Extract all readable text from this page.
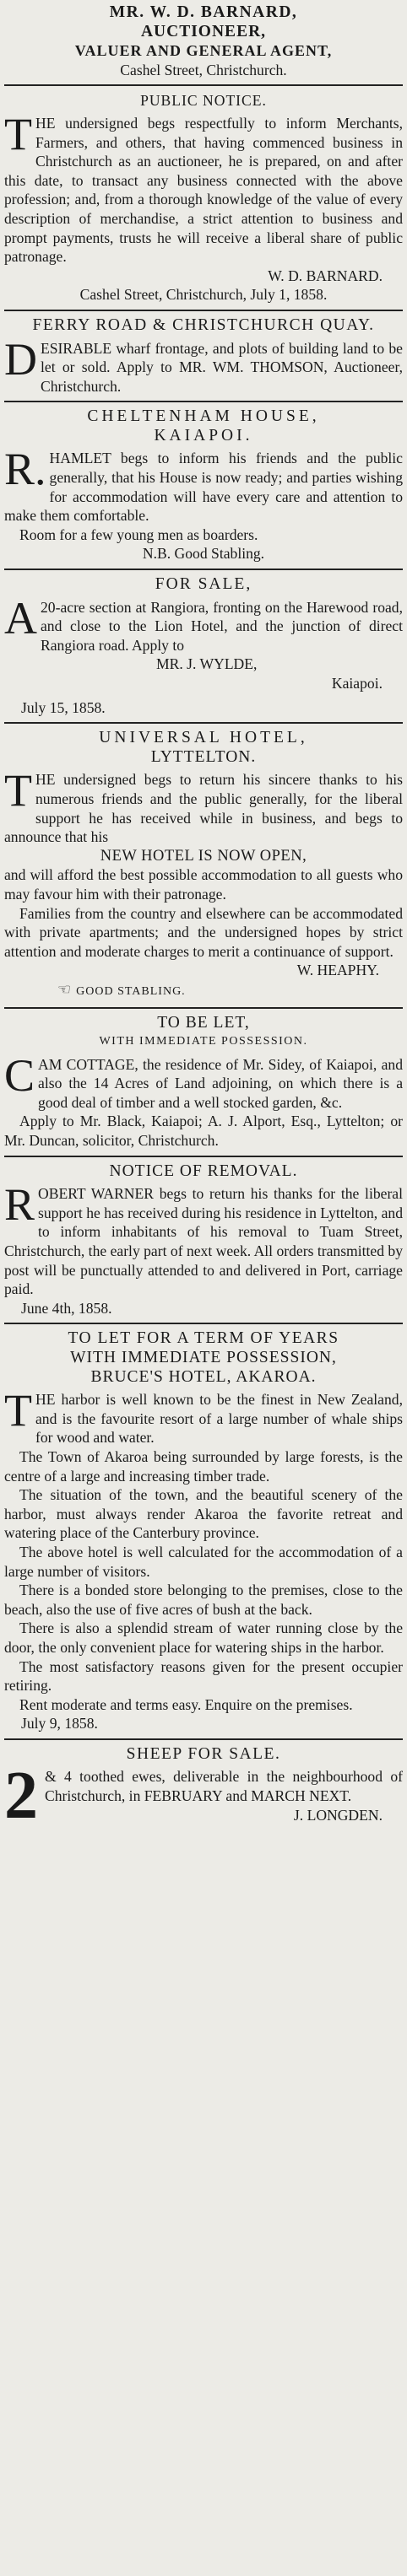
MR. W. D. BARNARD,
AUCTIONEER,
VALUER AND GENERAL AGENT,
Cashel Street, Christchurch.
PUBLIC NOTICE.
THE undersigned begs respectfully to inform Merchants, Farmers, and others, that having commenced business in Christchurch as an auctioneer, he is prepared, on and after this date, to transact any business connected with the above profession; and, from a thorough knowledge of the value of every description of merchandise, a strict attention to business and prompt payments, trusts he will receive a liberal share of public patronage.
W. D. BARNARD.
Cashel Street, Christchurch, July 1, 1858.
FERRY ROAD & CHRISTCHURCH QUAY.
DESIRABLE wharf frontage, and plots of building land to be let or sold. Apply to MR. WM. THOMSON, Auctioneer, Christchurch.
CHELTENHAM HOUSE,
KAIAPOI.
R. HAMLET begs to inform his friends and the public generally, that his House is now ready; and parties wishing for accommodation will have every care and attention to make them comfortable.
Room for a few young men as boarders.
N.B. Good Stabling.
FOR SALE,
A 20-acre section at Rangiora, fronting on the Harewood road, and close to the Lion Hotel, and the junction of direct Rangiora road. Apply to
MR. J. WYLDE,
Kaiapoi.
July 15, 1858.
UNIVERSAL HOTEL,
LYTTELTON.
THE undersigned begs to return his sincere thanks to his numerous friends and the public generally, for the liberal support he has received while in business, and begs to announce that his
NEW HOTEL IS NOW OPEN,
and will afford the best possible accommodation to all guests who may favour him with their patronage.
Families from the country and elsewhere can be accommodated with private apartments; and the undersigned hopes by strict attention and moderate charges to merit a continuance of support.
W. HEAPHY.
☞ GOOD STABLING.
TO BE LET,
WITH IMMEDIATE POSSESSION.
CAM COTTAGE, the residence of Mr. Sidey, of Kaiapoi, and also the 14 Acres of Land adjoining, on which there is a good deal of timber and a well stocked garden, &c.
Apply to Mr. Black, Kaiapoi; A. J. Alport, Esq., Lyttelton; or Mr. Duncan, solicitor, Christchurch.
NOTICE OF REMOVAL.
ROBERT WARNER begs to return his thanks for the liberal support he has received during his residence in Lyttelton, and to inform inhabitants of his removal to Tuam Street, Christchurch, the early part of next week. All orders transmitted by post will be punctually attended to and delivered in Port, carriage paid.
June 4th, 1858.
TO LET FOR A TERM OF YEARS
WITH IMMEDIATE POSSESSION,
BRUCE'S HOTEL, AKAROA.
THE harbor is well known to be the finest in New Zealand, and is the favourite resort of a large number of whale ships for wood and water.
The Town of Akaroa being surrounded by large forests, is the centre of a large and increasing timber trade.
The situation of the town, and the beautiful scenery of the harbor, must always render Akaroa the favorite retreat and watering place of the Canterbury province.
The above hotel is well calculated for the accommodation of a large number of visitors.
There is a bonded store belonging to the premises, close to the beach, also the use of five acres of bush at the back.
There is also a splendid stream of water running close by the door, the only convenient place for watering ships in the harbor.
The most satisfactory reasons given for the present occupier retiring.
Rent moderate and terms easy. Enquire on the premises.
July 9, 1858.
SHEEP FOR SALE.
2 & 4 toothed ewes, deliverable in the neighbourhood of Christchurch, in FEBRUARY and MARCH NEXT.
J. LONGDEN.
